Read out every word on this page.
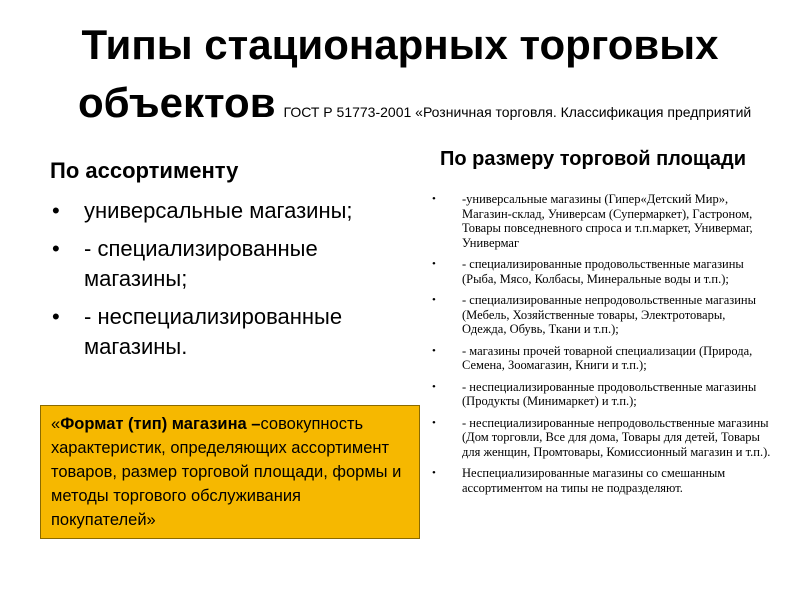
Типы стационарных торговых
объектов ГОСТ Р 51773-2001 «Розничная торговля. Классификация предприятий
По ассортименту
• универсальные магазины;
• - специализированные магазины;
• - неспециализированные магазины.
«Формат (тип) магазина –совокупность характеристик, определяющих ассортимент товаров, размер торговой площади, формы и методы торгового обслуживания покупателей»
По размеру торговой площади
• -универсальные магазины (Гипер«Детский Мир», Магазин-склад, Универсам (Супермаркет), Гастроном, Товары повседневного спроса и т.п.маркет, Универмаг, Универмаг
• - специализированные продовольственные магазины (Рыба, Мясо, Колбасы, Минеральные воды и т.п.);
• - специализированные непродовольственные магазины (Мебель, Хозяйственные товары, Электротовары, Одежда, Обувь, Ткани и т.п.);
• - магазины прочей товарной специализации (Природа, Семена, Зоомагазин, Книги и т.п.);
• - неспециализированные продовольственные магазины (Продукты (Минимаркет) и т.п.);
• - неспециализированные непродовольственные магазины (Дом торговли, Все для дома, Товары для детей, Товары для женщин, Промтовары, Комиссионный магазин и т.п.).
• Неспециализированные магазины со смешанным ассортиментом на типы не подразделяют.
